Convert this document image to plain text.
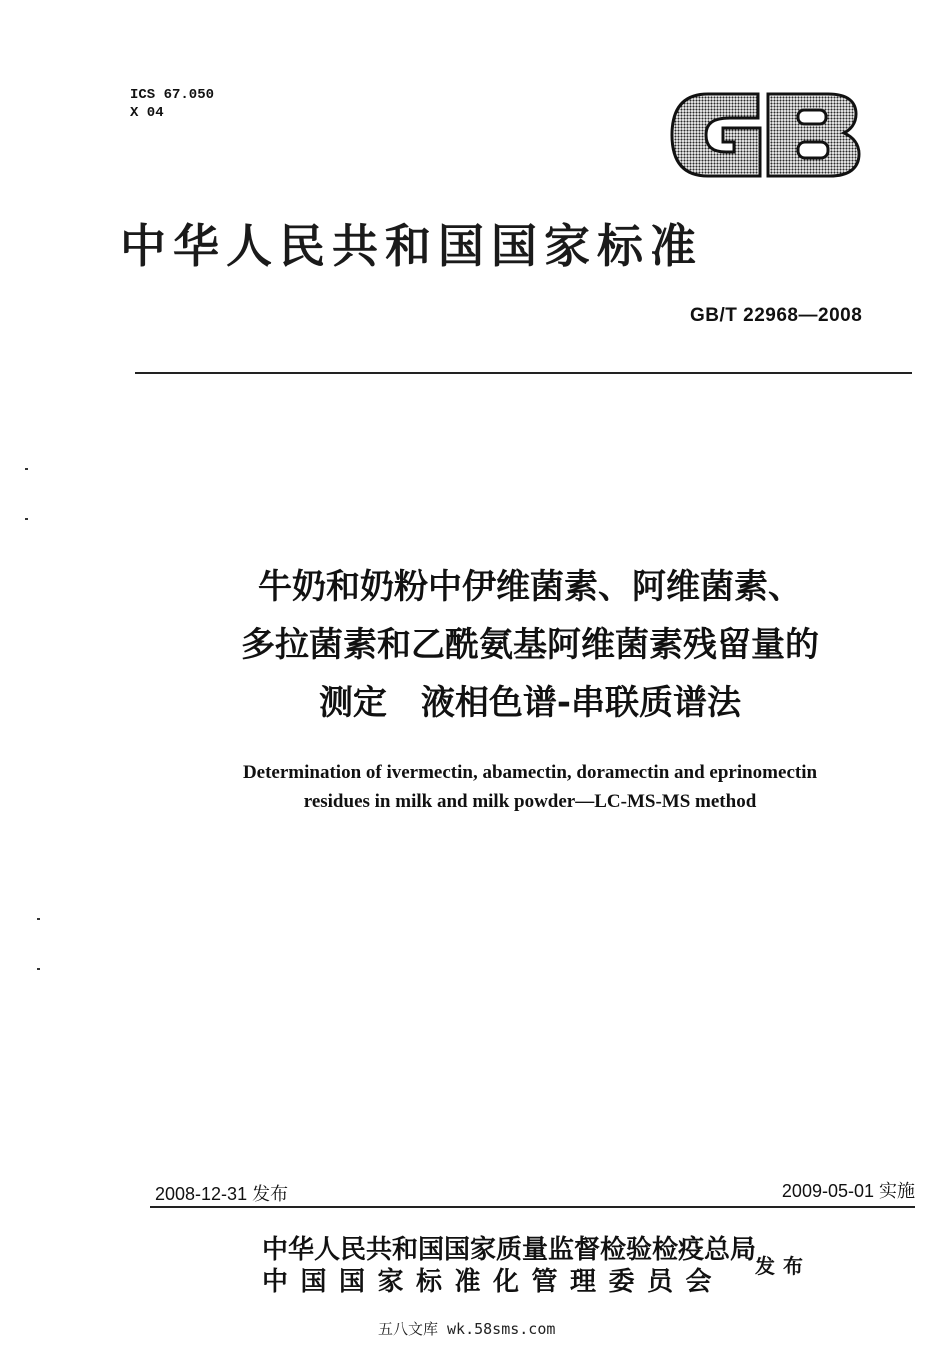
ICS 67.050
X 04
中华人民共和国国家标准
GB/T 22968—2008
牛奶和奶粉中伊维菌素、阿维菌素、
多拉菌素和乙酰氨基阿维菌素残留量的
测定　液相色谱-串联质谱法
Determination of ivermectin, abamectin, doramectin and eprinomectin
residues in milk and milk powder—LC-MS-MS method
2008-12-31 发布	2009-05-01 实施
中华人民共和国国家质量监督检验检疫总局
中国国家标准化管理委员会
发布
五八文库 wk.58sms.com
